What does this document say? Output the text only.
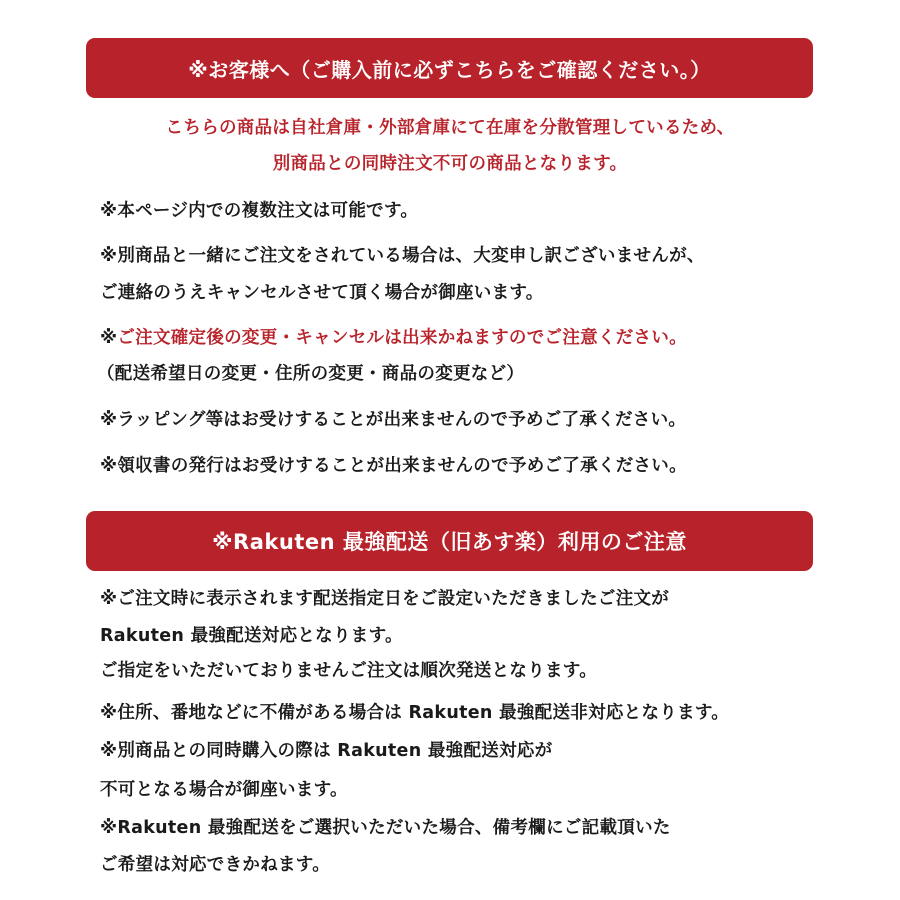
※お客様へ（ご購入前に必ずこちらをご確認ください。）
こちらの商品は自社倉庫・外部倉庫にて在庫を分散管理しているため、
別商品との同時注文不可の商品となります。
※本ページ内での複数注文は可能です。
※別商品と一緒にご注文をされている場合は、大変申し訳ございませんが、
ご連絡のうえキャンセルさせて頂く場合が御座います。
※ご注文確定後の変更・キャンセルは出来かねますのでご注意ください。
（配送希望日の変更・住所の変更・商品の変更など）
※ラッピング等はお受けすることが出来ませんので予めご了承ください。
※領収書の発行はお受けすることが出来ませんので予めご了承ください。
※Rakuten 最強配送（旧あす楽）利用のご注意
※ご注文時に表示されます配送指定日をご設定いただきましたご注文が
Rakuten 最強配送対応となります。
ご指定をいただいておりませんご注文は順次発送となります。
※住所、番地などに不備がある場合は Rakuten 最強配送非対応となります。
※別商品との同時購入の際は Rakuten 最強配送対応が
不可となる場合が御座います。
※Rakuten 最強配送をご選択いただいた場合、備考欄にご記載頂いた
ご希望は対応できかねます。
